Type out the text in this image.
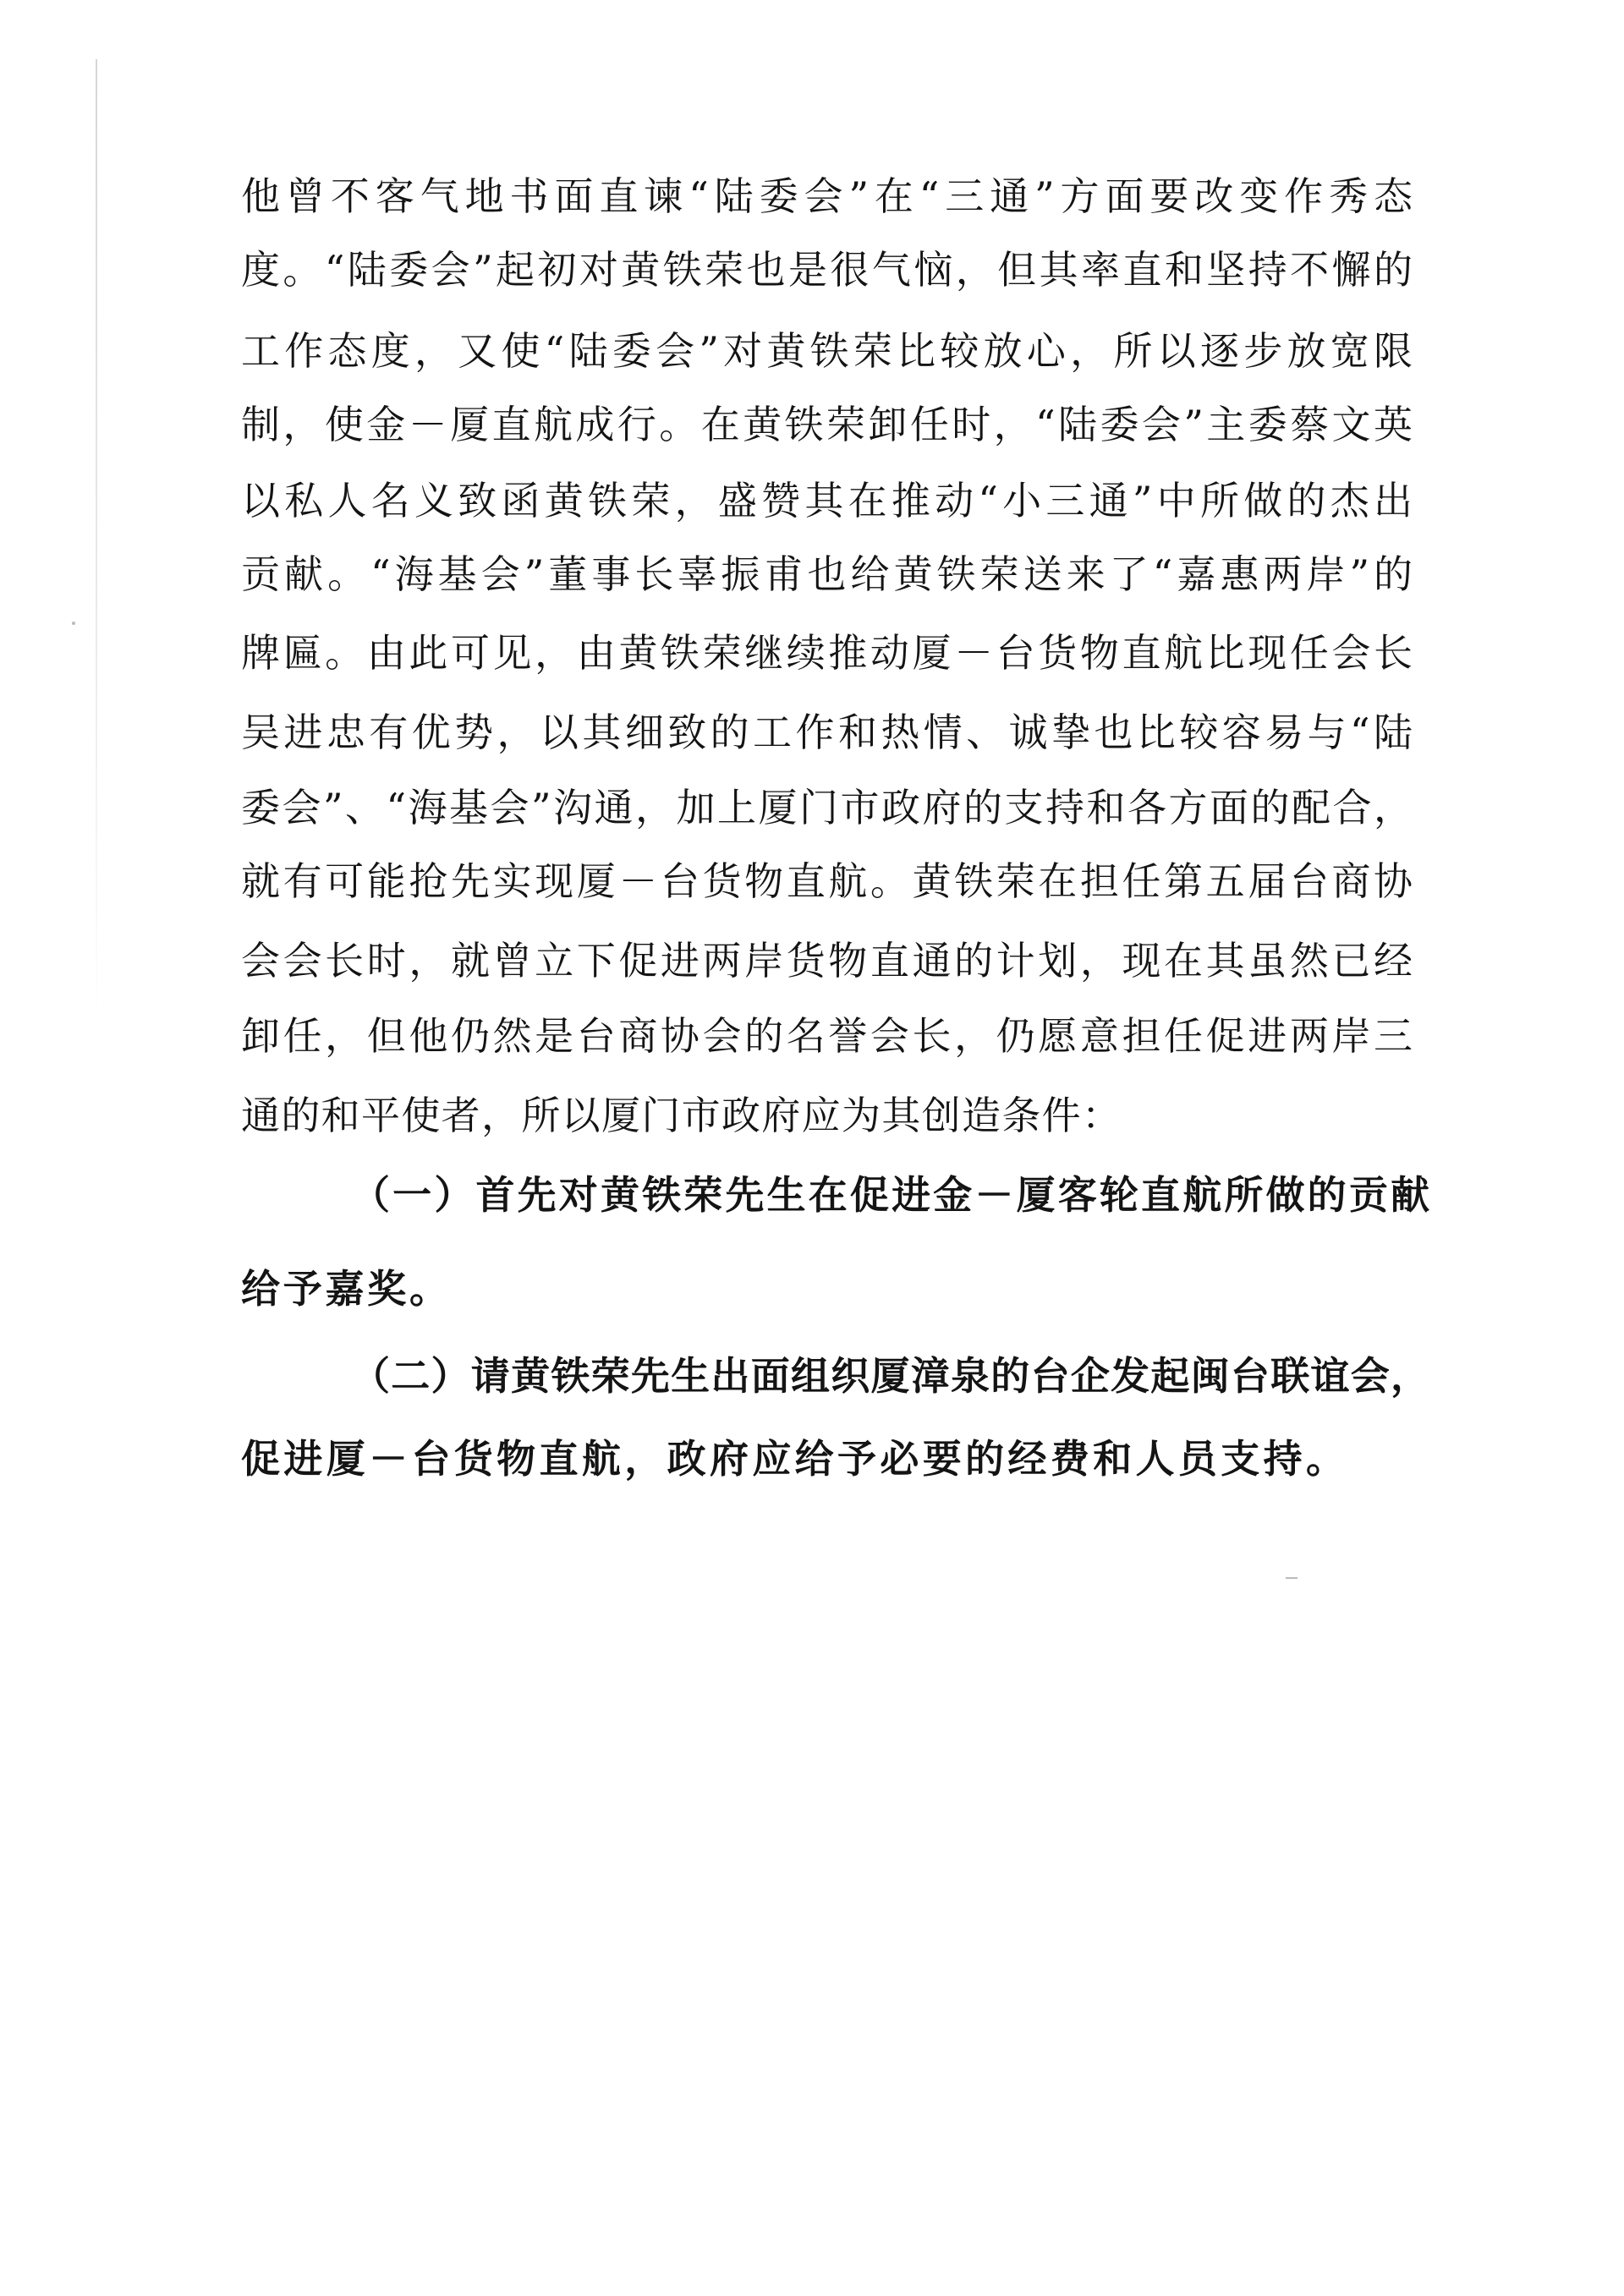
他曾不客气地书面直谏“陆委会”在“三通”方面要改变作秀态
度。“陆委会”起初对黄铁荣也是很气恼，但其率直和坚持不懈的
工作态度，又使“陆委会”对黄铁荣比较放心，所以逐步放宽限
制，使金－厦直航成行。在黄铁荣卸任时，“陆委会”主委蔡文英
以私人名义致函黄铁荣，盛赞其在推动“小三通”中所做的杰出
贡献。“海基会”董事长辜振甫也给黄铁荣送来了“嘉惠两岸”的
牌匾。由此可见，由黄铁荣继续推动厦－台货物直航比现任会长
吴进忠有优势，以其细致的工作和热情、诚挚也比较容易与“陆
委会”、“海基会”沟通，加上厦门市政府的支持和各方面的配合，
就有可能抢先实现厦－台货物直航。黄铁荣在担任第五届台商协
会会长时，就曾立下促进两岸货物直通的计划，现在其虽然已经
卸任，但他仍然是台商协会的名誉会长，仍愿意担任促进两岸三
通的和平使者，所以厦门市政府应为其创造条件：
（一）首先对黄铁荣先生在促进金－厦客轮直航所做的贡献
给予嘉奖。
（二）请黄铁荣先生出面组织厦漳泉的台企发起闽台联谊会，
促进厦－台货物直航，政府应给予必要的经费和人员支持。
